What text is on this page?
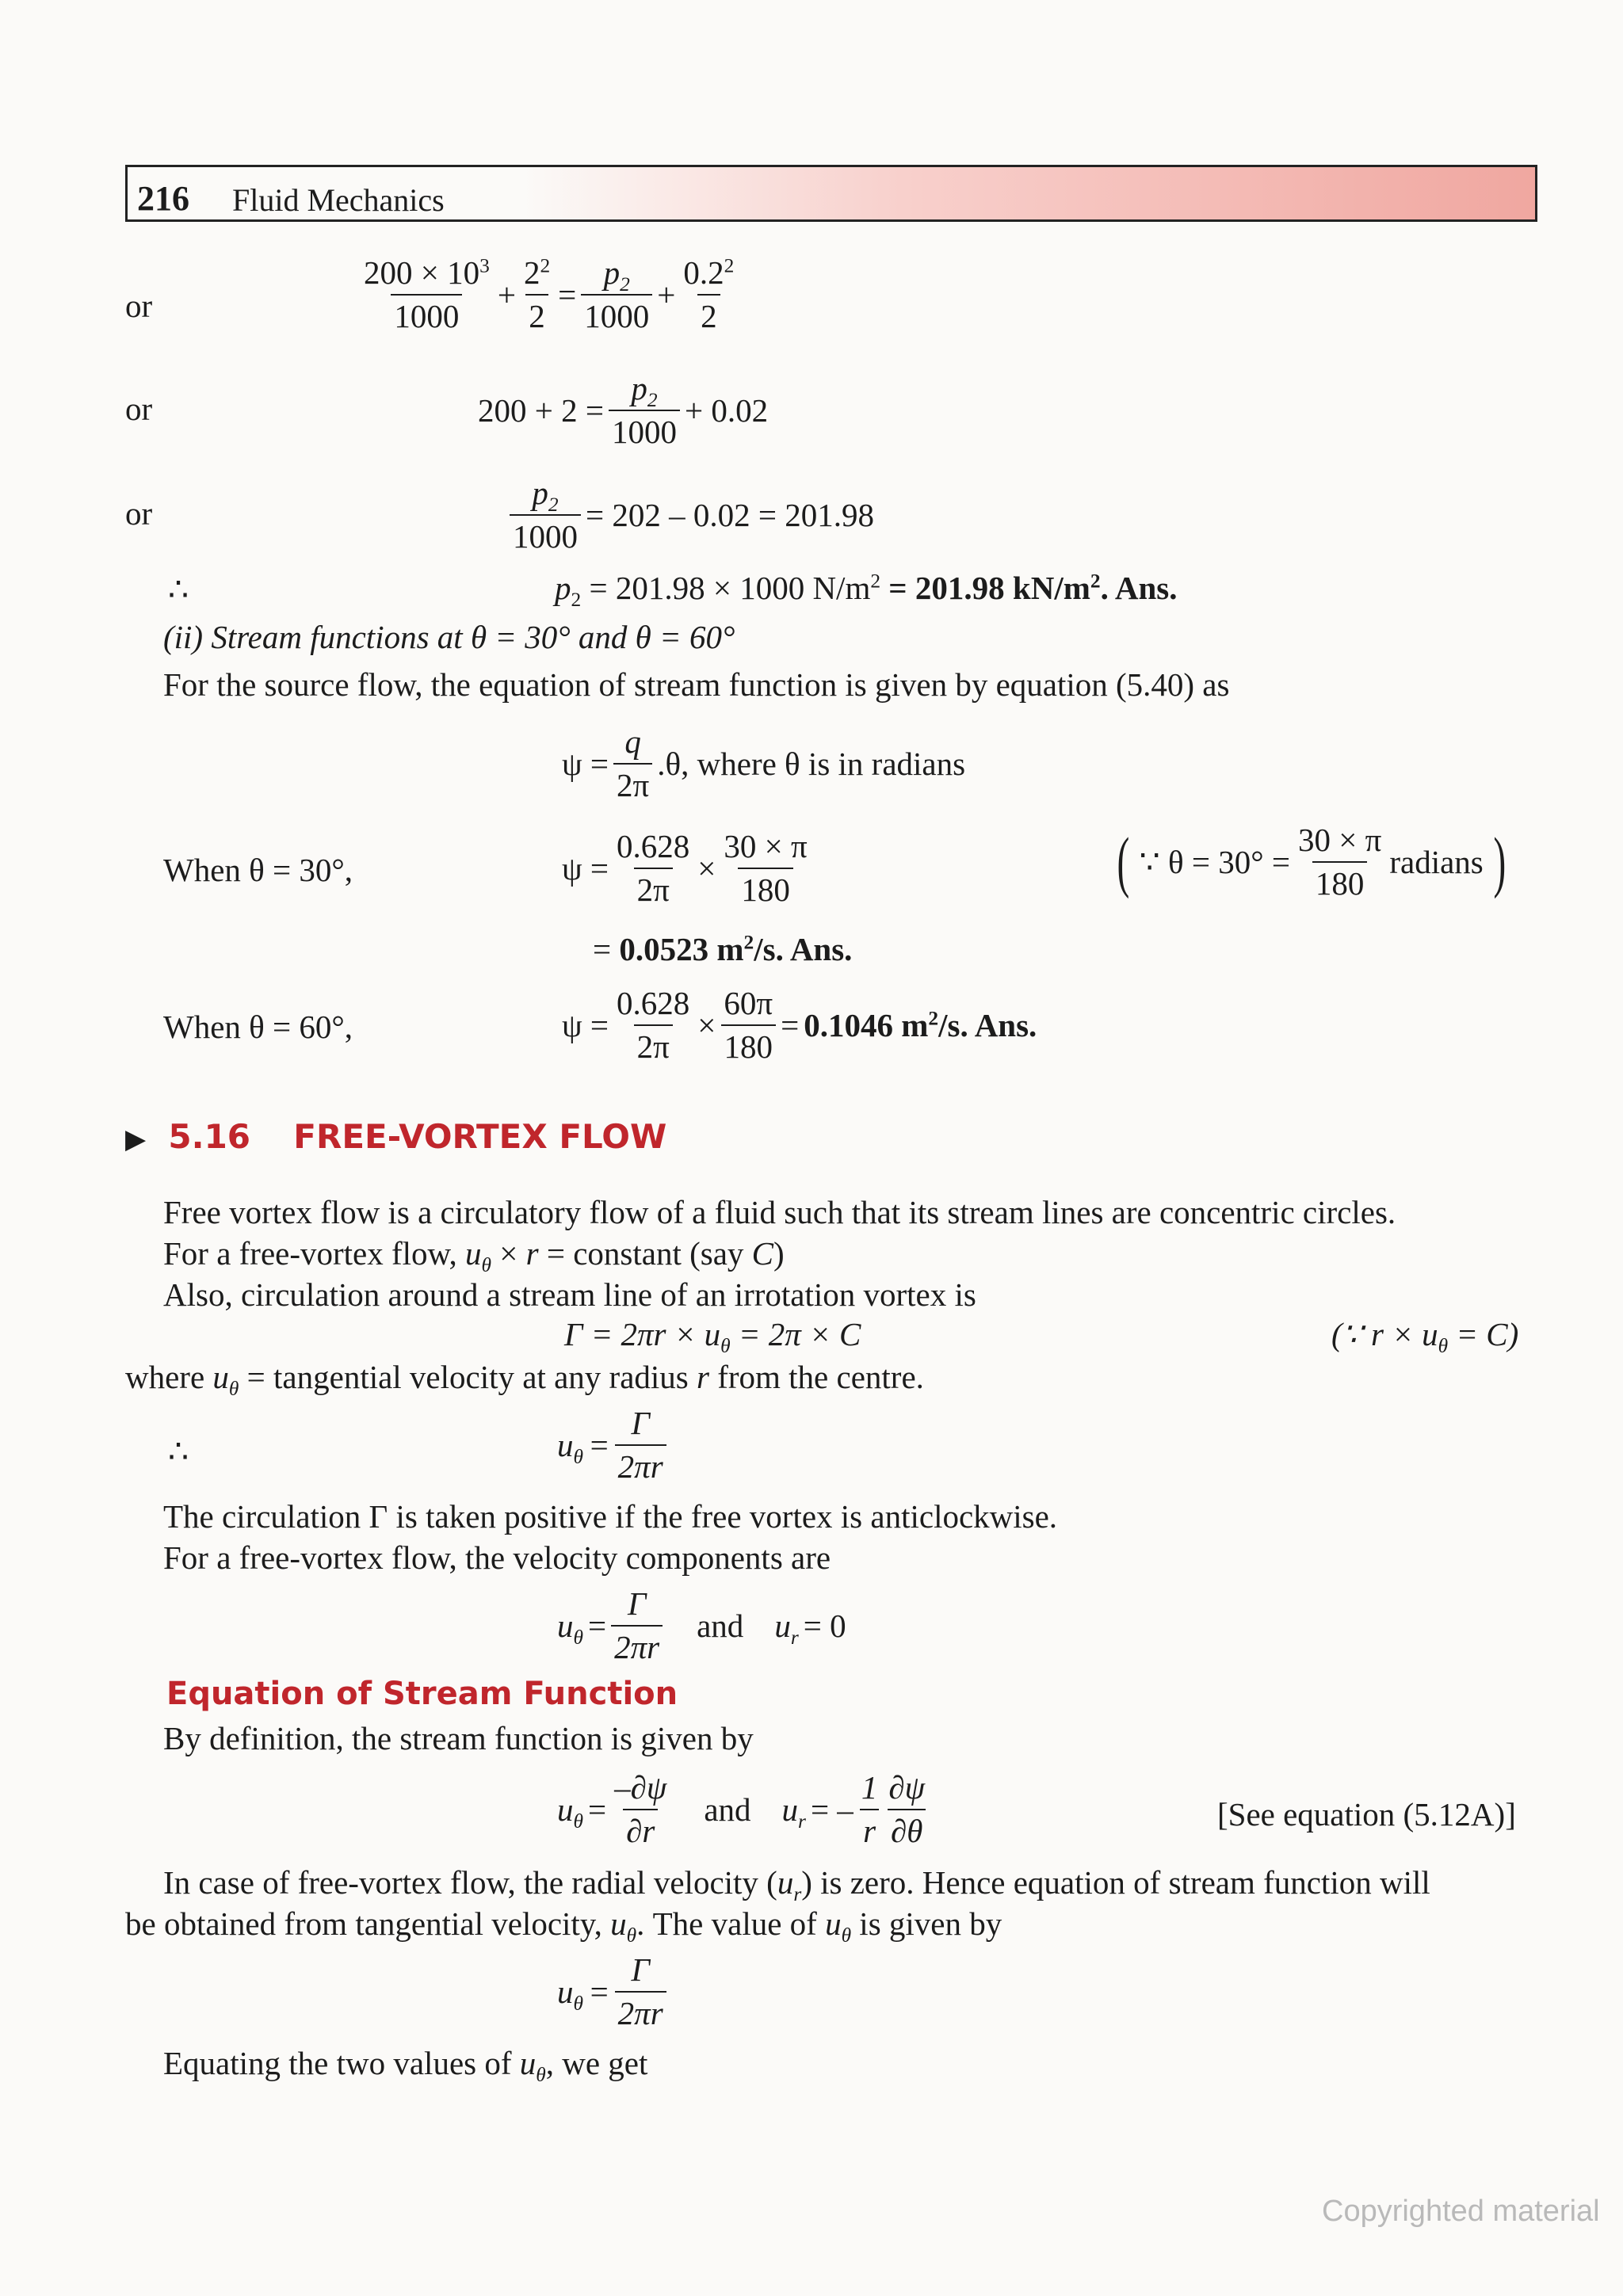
216 Fluid Mechanics
or	$\frac{200 \times 10^3}{1000} + \frac{2^2}{2} = \frac{p_2}{1000} + \frac{0.2^2}{2}$
or	$200 + 2 = \frac{p_2}{1000} + 0.02$
or	$\frac{p_2}{1000} = 202 - 0.02 = 201.98$
∴	$p_2 = 201.98 \times 1000$ $N/m^2 = 201.98$ $kN/m^2$. Ans.
(ii) Stream functions at θ = 30° and θ = 60°
For the source flow, the equation of stream function is given by equation (5.40) as
$\psi = \frac{q}{2\pi} .\theta$, where θ is in radians
When θ = 30°,	$\psi = \frac{0.628}{2\pi} \times \frac{30 \times \pi}{180}$	( ∵ $\theta = 30^\circ = \frac{30 \times \pi}{180}$ radians )
= 0.0523 $m^2/s$. Ans.
When θ = 60°,	$\psi = \frac{0.628}{2\pi} \times \frac{60\pi}{180} = 0.1046$ $m^2/s$. Ans.
▶ 5.16 FREE-VORTEX FLOW
Free vortex flow is a circulatory flow of a fluid such that its stream lines are concentric circles.
For a free-vortex flow, $u_\theta \times r$ = constant (say C)
Also, circulation around a stream line of an irrotation vortex is
$\Gamma = 2\pi r \times u_\theta = 2\pi \times C$	(∵ $r \times u_\theta = C$)
where $u_\theta$ = tangential velocity at any radius r from the centre.
∴	$u_\theta = \frac{\Gamma}{2\pi r}$
The circulation Γ is taken positive if the free vortex is anticlockwise.
For a free-vortex flow, the velocity components are
$u_\theta = \frac{\Gamma}{2\pi r}$ and $u_r = 0$
Equation of Stream Function
By definition, the stream function is given by
$u_\theta = \frac{-\partial\psi}{\partial r}$ and $u_r$ = – $\frac{1}{r} \frac{\partial\psi}{\partial\theta}$	[See equation (5.12A)]
In case of free-vortex flow, the radial velocity $(u_r)$ is zero. Hence equation of stream function will
be obtained from tangential velocity, $u_\theta$. The value of $u_\theta$ is given by
$u_\theta = \frac{\Gamma}{2\pi r}$
Equating the two values of $u_\theta$, we get
Copyrighted material
